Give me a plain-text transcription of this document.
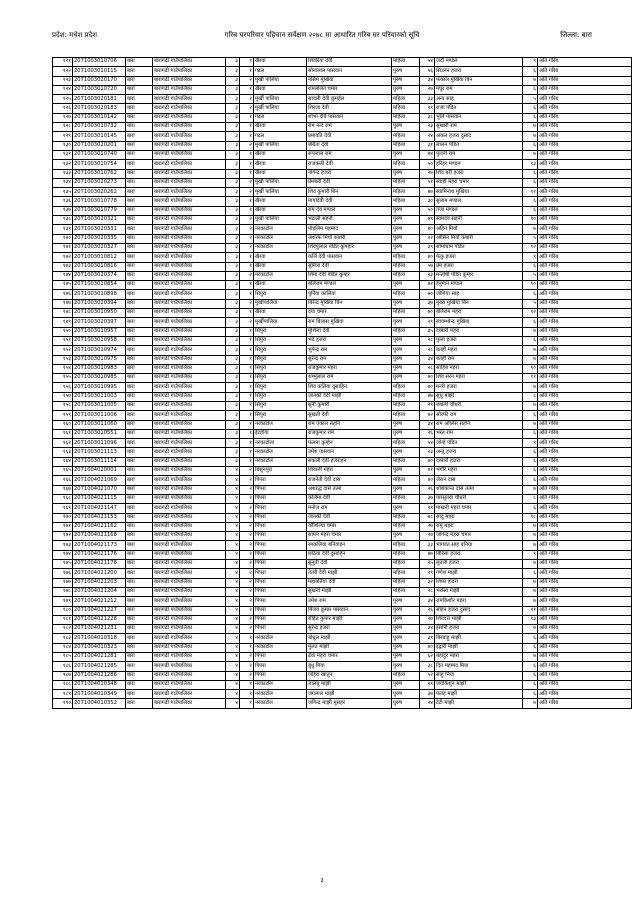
प्रदेश: मधेश प्रदेश	गरिब घरपरिवार पहिचान सर्वेक्षण २०७८ मा आधारित गरिब घर परिवारको सूचि	जिल्ला: बारा
१२१	2071003010706	बारा	बारागढी गाउँपालिका	३	१	खैरवा	शिवरिया देवी	महिला	५४	जदौ मण्डल	९	अति गरिब
१२२	2071003010115	बारा	बारागढी गाउँपालिका	३	१	गढल	सोनालाल पासवान	पुरुष	५६	सिउनन हजरा	६	अति गरिब
१२३	2071003020170	बारा	बारागढी गाउँपालिका	३	२	मुर्खी पालिया	नसिम मुखिया	पुरुष	३४	फकाल मुखिया बिन	७	अति गरिब
१२४	2071003010720	बारा	बारागढी गाउँपालिका	३	१	खैरवा	रामललित चमार	पुरुष	२७	मघुर राम	६	अति गरिब
१२५	2071003020181	बारा	बारागढी गाउँपालिका	३	२	मुर्खी पालिया	सावली देवी कुमर्हल	महिला	३३	अन्य साह	५	अति गरिब
१२६	2071003020183	बारा	बारागढी गाउँपालिका	३	२	मुर्खी पालिया	शिरजा देवी	महिला	२९	राजा पंडित	६	अति गरिब
१२७	2071003010142	बारा	बारागढी गाउँपालिका	३	१	गढल	शोभा देवि पासवान	महिला	३८	भुलि पासवान	६	अति गरिब
१२८	2071003010732	बारा	बारागढी गाउँपालिका	३	१	खैरवा	राम नन्द राम	पुरुष	२३	सुखारी राम	७	अति गरिब
१२९	2071003010145	बारा	बारागढी गाउँपालिका	३	१	गढल	प्रमावति देवी	महिला	२४	अकल हजरा दुसाद	७	अति गरिब
१३०	2071003020201	बारा	बारागढी गाउँपालिका	३	२	मुर्खी पालिया	बबिता देवी	महिला	३१	लालन पंडित	६	अति गरिब
१३१	2071003010740	बारा	बारागढी गाउँपालिका	३	१	खैरवा	रूपलाल राम	पुरुष	४४	फुदनी राम	७	अति गरिब
१३२	2071003010754	बारा	बारागढी गाउँपालिका	३	१	खैरवा	राजकली देवी	महिला	५०	हरिहर मण्डल	१३	अति गरिब
१३३	2071003010762	बारा	बारागढी गाउँपालिका	३	१	खैरवा	नगिन्द्र हजरा	पुरुष	२७	शिव बरी हजरा	६	अति गरिब
१३४	2071003020273	बारा	बारागढी गाउँपालिका	३	२	मुर्खी पालिया	प्रेमबती देवी	महिला	५१	स्याही महरा चमार	६	अति गरिब
१३५	2071003020262	बारा	बारागढी गाउँपालिका	३	२	मुर्खी पालिया	शिव कुमारी बिन	महिला	४७	स्वामिनाथ मुखिया	११	अति गरिब
१३६	2071003010778	बारा	बारागढी गाउँपालिका	३	१	खैरवा	मायादेवी देवी	महिला	३०	सुलाम मण्डल	६	अति गरिब
१३७	2071003010779	बारा	बारागढी गाउँपालिका	३	१	खैरवा	राम देव मण्डल	पुरुष	५०	तेजा मण्डल	६	अति गरिब
१३८	2071003020321	बारा	बारागढी गाउँपालिका	३	२	मुर्खी पालिया	भटाली सहनी	पुरुष	७९	स्यमदेव सहनी	१०	अति गरिब
१३९	2071003020331	बारा	बारागढी गाउँपालिका	३	२	नरकाटोल	मोहलिम महम्मद	पुरुष	४०	अहिन मियाँ	७	अति गरिब
१४०	2071003020335	बारा	बारागढी गाउँपालिका	३	२	नरकाटोल	अशरफ मियाँ कबारी	पुरुष	२२	ओसिन मियाँ कबारी	५	अति गरिब
१४१	2071003020327	बारा	बारागढी गाउँपालिका	३	२	नरकाटोल	शिवपुलाल पंडित कुमहार	पुरुष	३९	सोमाधाम पंडित	१२	अति गरिब
१४२	2071003010812	बारा	बारागढी गाउँपालिका	३	१	खैरवा	कर्लि देवी पासवान	महिला	४०	फेकु हजरा	९	अति गरिब
१४३	2071003010816	बारा	बारागढी गाउँपालिका	३	१	खैरवा	सुमित्रा देवी	महिला	५७	प्रेम हजरा	६	अति गरिब
१४४	2071003020374	बारा	बारागढी गाउँपालिका	३	२	नरकाटोल	शिमा देवी पंडित कुम्हर	महिला	२३	मन्तोषी पंडित कुम्हर	५	अति गरिब
१४५	2071003010854	बारा	बारागढी गाउँपालिका	३	१	खैरवा	बलिराम मण्डल	पुरुष	४२	हनुमान मण्डल	१०	अति गरिब
१४६	2071003010898	बारा	बारागढी गाउँपालिका	३	१	सिपुरा	पुर्निया कालिया	महिला	७०	जोगिया साह	६	अति गरिब
१४७	2071003020394	बारा	बारागढी गाउँपालिका	३	२	मुर्खीपालिया	बिरेन्द्र मुखिया बिन	पुरुष	३७	मुख्य मुखिया बिन	५	अति गरिब
१४८	2071003010950	बारा	बारागढी गाउँपालिका	३	१	खैरवा	दया चमार	महिला	७०	बलिराम महरा	१२	अति गरिब
१४९	2071003020397	बारा	बारागढी गाउँपालिका	३	२	मुर्खीपालिया	राम बिलास मुखिया	पुरुष	२९	स्वयम्भोन्द्र मुखिया	६	अति गरिब
१५०	2071003010957	बारा	बारागढी गाउँपालिका	३	१	सिपुरा	मुशिला देवी	महिला	३५	दब्बारी महरा	७	अति गरिब
१५१	2071003010958	बारा	बारागढी गाउँपालिका	३	१	सिपुरा	भदे हजरा	पुरुष	२८	फुला हजरा	६	अति गरिब
१५२	2071003010974	बारा	बारागढी गाउँपालिका	३	१	सिपुरा	भुपेन्द्र राम	पुरुष	२८	बतहीं महरा	७	अति गरिब
१५३	2071003010975	बारा	बारागढी गाउँपालिका	३	१	सिपुरा	सुरेन्द्र राम	पुरुष	३४	बतहीं राम	७	अति गरिब
१५४	2071003010983	बारा	बारागढी गाउँपालिका	३	१	सिपुरा	राजकुमार महरा	पुरुष	२८	साहिब महरा	१०	अति गरिब
१५५	2071003010985	बारा	बारागढी गाउँपालिका	३	१	सिपुरा	शम्भुलाल राम	पुरुष	७०	शिव सरन महरा	११	अति गरिब
१५६	2071003010995	बारा	बारागढी गाउँपालिका	३	१	सिपुरा	शिव कलिया दुसाहिन	महिला	४०	मन्त्री हजरा	७	अति गरिब
१५७	2071003011003	बारा	बारागढी गाउँपालिका	३	१	सिपुरा	जानकी देवी माझी	महिला	४७	सुधु माझी	८	अति गरिब
१५८	2071003011005	बारा	बारागढी गाउँपालिका	३	१	सिपुरा	सुनी कुमारी	महिला	२९	बबाली चौधरी	७	अति गरिब
१५९	2071003011006	बारा	बारागढी गाउँपालिका	३	१	सिपुरा	सुखती देवी	महिला	४२	सोरफी राम	६	अति गरिब
१६०	2071003011060	बारा	बारागढी गाउँपालिका	३	१	नरकाटोल	राम एकाल सहनि	पुरुष	३४	राम ओलिस सहनि	७	अति गरिब
१६१	2071003010551	बारा	बारागढी गाउँपालिका	३	१	ईटहीया	राजकुमार राम	पुरुष	२६	भरत राम	६	अति गरिब
१६२	2071003011096	बारा	बारागढी गाउँपालिका	३	१	नरकाटोला	फलना कुम्हेन	महिला	५४	जोन्हे पंडित	९	अति गरिब
१६३	2071003011113	बारा	बारागढी गाउँपालिका	३	१	नरकाटोल	उमेश पासवान	पुरुष	२३	अन्तु हजरा	६	अति गरिब
१६४	2071003011114	बारा	बारागढी गाउँपालिका	३	१	नरकाटोल	सकली देवी हजराहन	महिला	४०	दब्बारी हजरा	६	अति गरिब
१६५	2071004020001	बारा	बारागढी गाउँपालिका	४	२	बिसुनपुरा	शिवाली महरा	पुरुष	४१	भगौरे महरा	६	अति गरिब
१६६	2071004021069	बारा	बारागढी गाउँपालिका	४	२	पिपरा	राजनेती देवी दास	महिला	४०	जेरान दास	६	अति गरिब
१६७	2071004021070	बारा	बारागढी गाउँपालिका	४	२	पिपरा	अशरद्ध दास तत्मा	पुरुष	२६	शशिकान्त दास तत्मा	७	अति गरिब
१६८	2071004021115	बारा	बारागढी गाउँपालिका	४	२	पिपरा	कर्लिमा देवी	महिला	३७	पारसुतवा चौधरी	८	अति गरिब
१६९	2071004021147	बारा	बारागढी गाउँपालिका	४	२	पिपरा	मनोज राम	पुरुष	२९	माखनी महरा चमार	६	अति गरिब
१७०	2071004021153	बारा	बारागढी गाउँपालिका	४	२	पिपरा	जानकी देवी	महिला	४८	सादु महरा	१८	अति गरिब
१७१	2071004021162	बारा	बारागढी गाउँपालिका	४	२	पिपरा	कौशिल्या चमार	महिला	२७	रामु महरा	७	अति गरिब
१७२	2071004021168	बारा	बारागढी गाउँपालिका	४	२	पिपरा	सामन महरा चमार	पुरुष	२७	जोगेन्द्र महरा चमार	७	अति गरिब
१७३	2071004021173	बारा	बारागढी गाउँपालिका	४	२	पिपरा	रमकलिया बनियाइन	महिला	३३	भागवत साह बनिया	७	अति गरिब
१७४	2071004021176	बारा	बारागढी गाउँपालिका	४	२	पिपरा	छठिया देवी दुसाहिन	महिला	४७	बिरिसा हजरा	९	अति गरिब
१७५	2071004021178	बारा	बारागढी गाउँपालिका	४	२	पिपरा	सुनुती देवी	महिला	२५	लुतली हजरा	७	अति गरिब
१७६	2071004021200	बारा	बारागढी गाउँपालिका	४	२	पिपरा	तेतरी देवी माझी	महिला	२९	गणेश माझी	६	अति गरिब
१७७	2071004021203	बारा	बारागढी गाउँपालिका	४	२	पिपरा	महाबतिया देवी	महिला	३२	शिफा हजरा	७	अति गरिब
१७८	2071004021204	बारा	बारागढी गाउँपालिका	४	२	पिपरा	सुखनी माझी	महिला	२८	भरोसा माझी	७	अति गरिब
१७९	2071004021212	बारा	बारागढी गाउँपालिका	४	२	पिपरा	उमेश राम	पुरुष	३४	रामकिशोर महरा	७	अति गरिब
१८०	2071004021227	बारा	बारागढी गाउँपालिका	४	२	पिपरा	बिजय कुमार पासवान	पुरुष	२६	सोहन हजरा दुसाद	११	अति गरिब
१८१	2071004021228	बारा	बारागढी गाउँपालिका	४	२	पिपरा	रोहित कुमार माझी	पुरुष	२७	शिवदत्त माझी	१३	अति गरिब
१८२	2071004021231	बारा	बारागढी गाउँपालिका	४	२	पिपरा	सुरेन्द्र हजरा	पुरुष	३४	इसोनी हजरा	७	अति गरिब
१८३	2071004010318	बारा	बारागढी गाउँपालिका	४	१	नरकाटोल	बोधुल माझी	पुरुष	३९	बिरबाहु माझी	६	अति गरिब
१८४	2071004010323	बारा	बारागढी गाउँपालिका	४	१	नरकाटोल	मुलत माझी	पुरुष	४०	इद्वारी माझी	६	अति गरिब
१८५	2071004021281	बारा	बारागढी गाउँपालिका	४	२	पिपरा	ढेवा महरा चमार	पुरुष	६२	बहादुर महरा	७	अति गरिब
१८६	2071004021285	बारा	बारागढी गाउँपालिका	४	२	पिपरा	बुधु मिया	पुरुष	३८	दित महम्मद मिया	६	अति गरिब
१८७	2071004021286	बारा	बारागढी गाउँपालिका	४	२	पिपरा	जहिरा खातुन	महिला	५२	साहु मिया	६	अति गरिब
१८८	2071004010348	बारा	बारागढी गाउँपालिका	४	१	नरकाटोल	लालबु माझी	पुरुष	२९	जयकिशुन माझी	६	अति गरिब
१८९	2071004010349	बारा	बारागढी गाउँपालिका	४	१	नरकाटोल	जगलाल माझी	पुरुष	३७	फतह माझी	६	अति गरिब
१९०	2071004010352	बारा	बारागढी गाउँपालिका	४	१	नरकाटोल	जगिन्द्र माझी मुसहर	पुरुष	२४	टेटी माझी	७	अति गरिब
३
